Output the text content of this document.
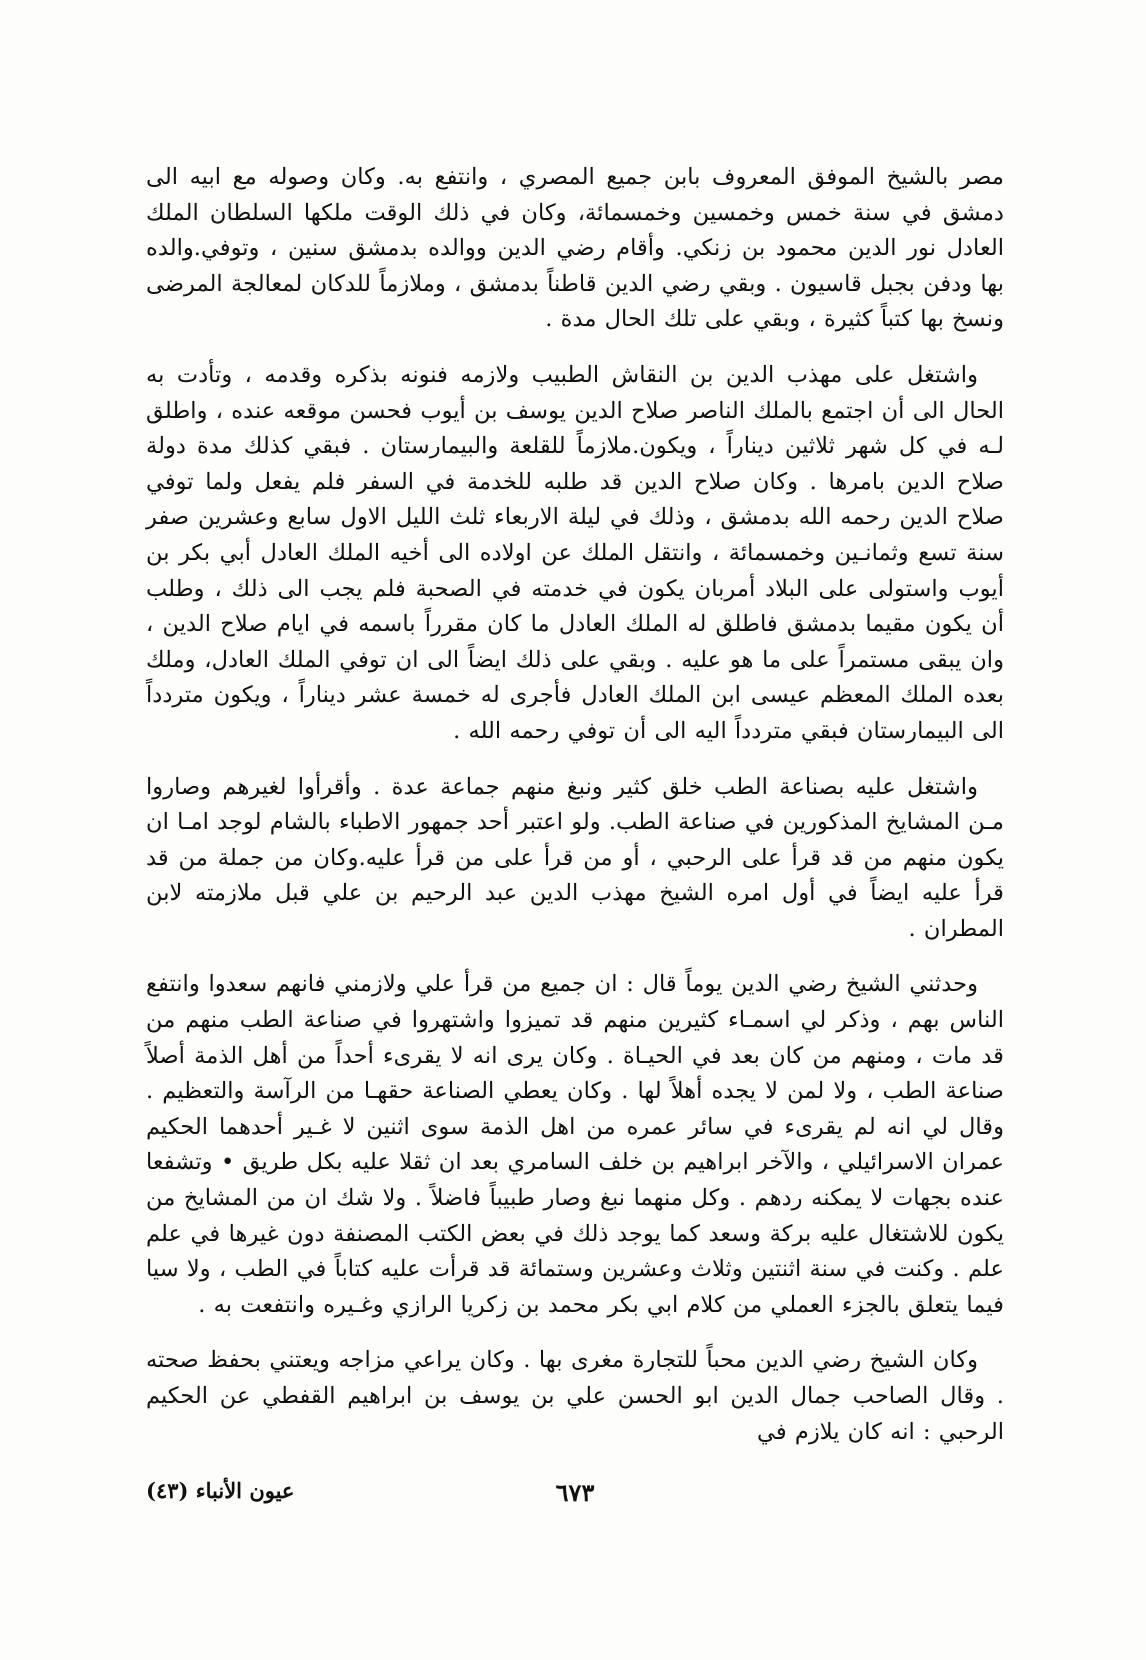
مصر بالشيخ الموفق المعروف بابن جميع المصري ، وانتفع به. وكان وصوله مع ابيه الى دمشق في سنة خمس وخمسين وخمسمائة، وكان في ذلك الوقت ملكها السلطان الملك العادل نور الدين محمود بن زنكي. وأقام رضي الدين ووالده بدمشق سنين ، وتوفي.والده بها ودفن بجبل قاسيون . وبقي رضي الدين قاطناً بدمشق ، وملازماً للدكان لمعالجة المرضى ونسخ بها كتباً كثيرة ، وبقي على تلك الحال مدة .

واشتغل على مهذب الدين بن النقاش الطبيب ولازمه فنونه بذكره وقدمه ، وتأدت به الحال الى أن اجتمع بالملك الناصر صلاح الدين يوسف بن أيوب فحسن موقعه عنده ، واطلق لـه في كل شهر ثلاثين ديناراً ، ويكون.ملازماً للقلعة والبيمارستان . فبقي كذلك مدة دولة صلاح الدين بامرها . وكان صلاح الدين قد طلبه للخدمة في السفر فلم يفعل ولما توفي صلاح الدين رحمه الله بدمشق ، وذلك في ليلة الاربعاء ثلث الليل الاول سابع وعشرين صفر سنة تسع وثمانـين وخمسمائة ، وانتقل الملك عن اولاده الى أخيه الملك العادل أبي بكر بن أيوب واستولى على البلاد أمربان يكون في خدمته في الصحبة فلم يجب الى ذلك ، وطلب أن يكون مقيما بدمشق فاطلق له الملك العادل ما كان مقرراً باسمه في ايام صلاح الدين ، وان يبقى مستمراً على ما هو عليه . وبقي على ذلك ايضاً الى ان توفي الملك العادل، وملك بعده الملك المعظم عيسى ابن الملك العادل فأجرى له خمسة عشر ديناراً ، ويكون متردداً الى البيمارستان فبقي متردداً اليه الى أن توفي رحمه الله .

واشتغل عليه بصناعة الطب خلق كثير ونبغ منهم جماعة عدة . وأقرأوا لغيرهم وصاروا مـن المشايخ المذكورين في صناعة الطب. ولو اعتبر أحد جمهور الاطباء بالشام لوجد امـا ان يكون منهم من قد قرأ على الرحبي ، أو من قرأ على من قرأ عليه.وكان من جملة من قد قرأ عليه ايضاً في أول امره الشيخ مهذب الدين عبد الرحيم بن علي قبل ملازمته لابن المطران .

وحدثني الشيخ رضي الدين يوماً قال : ان جميع من قرأ علي ولازمني فانهم سعدوا وانتفع الناس بهم ، وذكر لي اسمـاء كثيرين منهم قد تميزوا واشتهروا في صناعة الطب منهم من قد مات ، ومنهم من كان بعد في الحيـاة . وكان يرى انه لا يقرىء أحداً من أهل الذمة أصلاً صناعة الطب ، ولا لمن لا يجده أهلاً لها . وكان يعطي الصناعة حقهـا من الرآسة والتعظيم . وقال لي انه لم يقرىء في سائر عمره من اهل الذمة سوى اثنين لا غـير أحدهما الحكيم عمران الاسرائيلي ، والآخر ابراهيم بن خلف السامري بعد ان ثقلا عليه بكل طريق • وتشفعا عنده بجهات لا يمكنه ردهم . وكل منهما نبغ وصار طبيباً فاضلاً . ولا شك ان من المشايخ من يكون للاشتغال عليه بركة وسعد كما يوجد ذلك في بعض الكتب المصنفة دون غيرها في علم علم . وكنت في سنة اثنتين وثلاث وعشرين وستمائة قد قرأت عليه كتاباً في الطب ، ولا سيا فيما يتعلق بالجزء العملي من كلام ابي بكر محمد بن زكريا الرازي وغـيره وانتفعت به .

وكان الشيخ رضي الدين محباً للتجارة مغرى بها . وكان يراعي مزاجه ويعتني بحفظ صحته . وقال الصاحب جمال الدين ابو الحسن علي بن يوسف بن ابراهيم القفطي عن الحكيم الرحبي : انه كان يلازم في

٦٧٣
عيون الأنباء (٤٣)
